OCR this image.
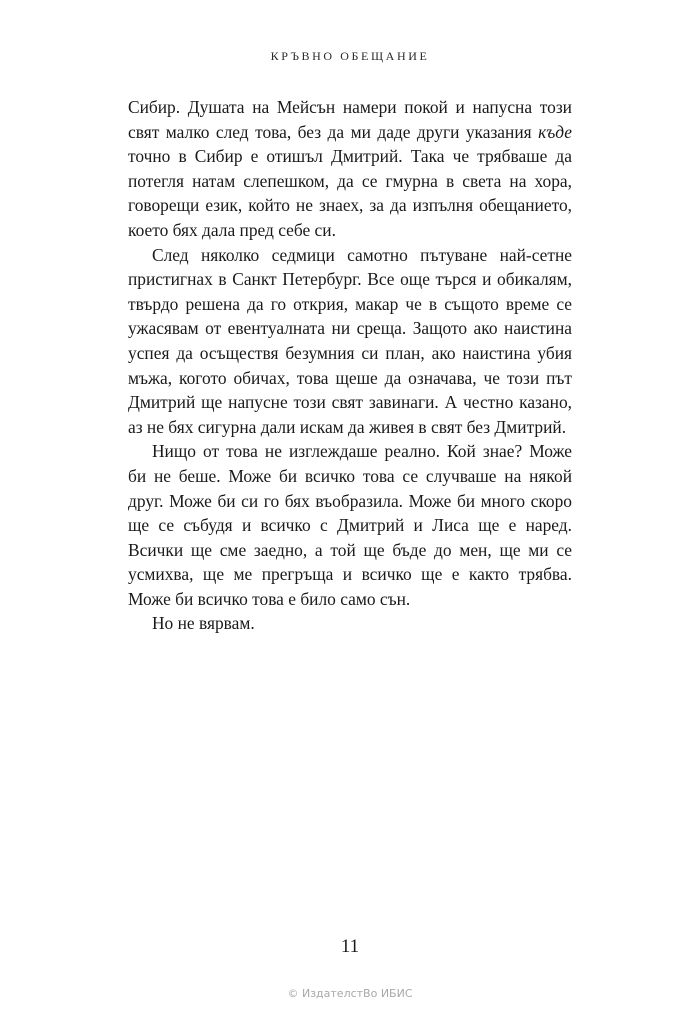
КРЪВНО ОБЕЩАНИЕ

Сибир. Душата на Мейсън намери покой и напусна този свят малко след това, без да ми даде други указания къде точно в Сибир е отишъл Дмитрий. Така че трябваше да потегля натам слепешком, да се гмурна в света на хора, говорещи език, който не знаех, за да изпълня обещанието, което бях дала пред себе си.

След няколко седмици самотно пътуване най-сетне пристигнах в Санкт Петербург. Все още търся и обикалям, твърдо решена да го открия, макар че в същото време се ужасявам от евентуалната ни среща. Защото ако наистина успея да осъществя безумния си план, ако наистина убия мъжа, когото обичах, това щеше да означава, че този път Дмитрий ще напусне този свят завинаги. А честно казано, аз не бях сигурна дали искам да живея в свят без Дмитрий.

Нищо от това не изглеждаше реално. Кой знае? Може би не беше. Може би всичко това се случваше на някой друг. Може би си го бях въобразила. Може би много скоро ще се събудя и всичко с Дмитрий и Лиса ще е наред. Всички ще сме заедно, а той ще бъде до мен, ще ми се усмихва, ще ме прегръща и всичко ще е както трябва. Може би всичко това е било само сън.

Но не вярвам.

11
© ИздателстВо ИБИС
